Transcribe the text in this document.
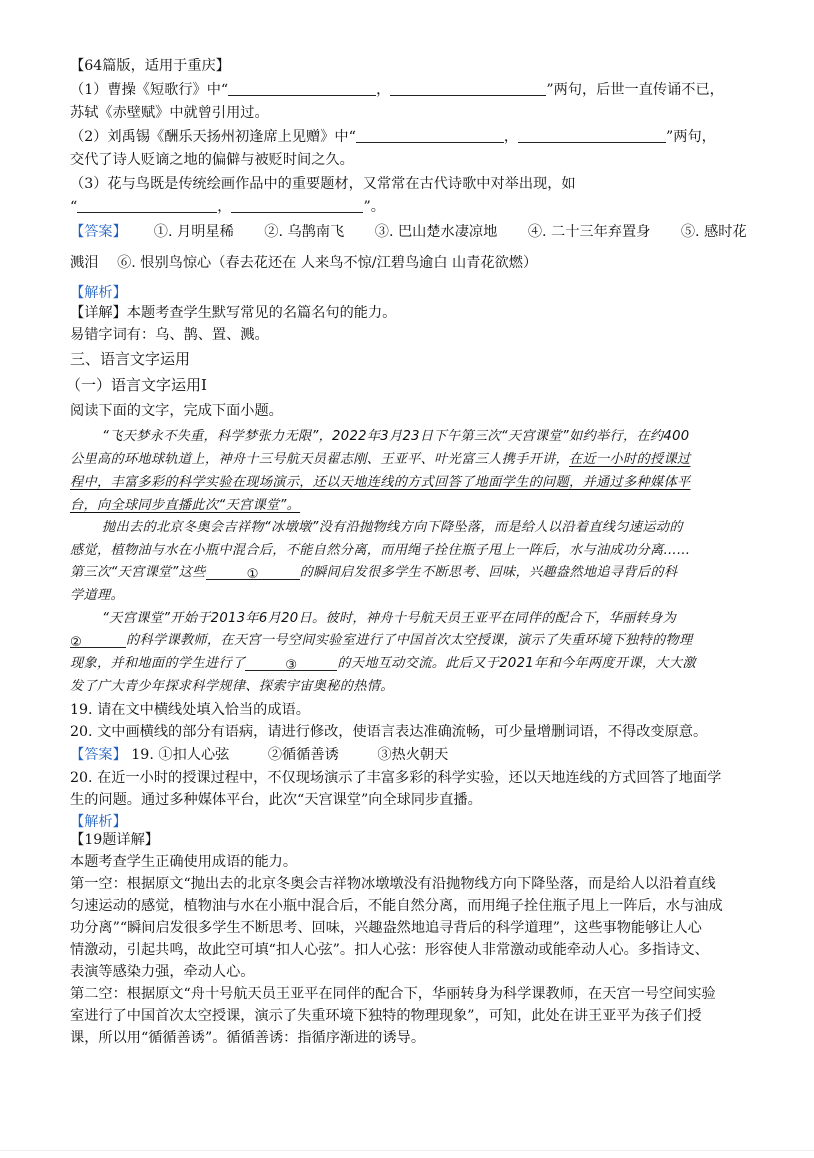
【64篇版，适用于重庆】
（1）曹操《短歌行》中“	，	”两句，后世一直传诵不已，
苏轼《赤壁赋》中就曾引用过。
（2）刘禹锡《酬乐天扬州初逢席上见赠》中“	，	”两句，
交代了诗人贬谪之地的偏僻与被贬时间之久。
（3）花与鸟既是传统绘画作品中的重要题材，又常常在古代诗歌中对举出现，如
“	，	”。
【答案】 ①. 月明星稀 ②. 乌鹊南飞 ③. 巴山楚水凄凉地 ④. 二十三年弃置身 ⑤. 感时花
溅泪　 ⑥. 恨别鸟惊心（春去花还在 人来鸟不惊/江碧鸟逾白 山青花欲燃）
【解析】
【详解】本题考查学生默写常见的名篇名句的能力。
易错字词有：乌、鹊、置、溅。
三、语言文字运用
（一）语言文字运用Ⅰ
阅读下面的文字，完成下面小题。
“飞天梦永不失重，科学梦张力无限”，2022年3月23日下午第三次“天宫课堂”如约举行，在约400
公里高的环地球轨道上，神舟十三号航天员翟志刚、王亚平、叶光富三人携手开讲，在近一小时的授课过
程中，丰富多彩的科学实验在现场演示，还以天地连线的方式回答了地面学生的问题，并通过多种媒体平
台，向全球同步直播此次“天宫课堂”。
抛出去的北京冬奥会吉祥物“冰墩墩”没有沿抛物线方向下降坠落，而是给人以沿着直线匀速运动的
感觉，植物油与水在小瓶中混合后，不能自然分离，而用绳子拴住瓶子甩上一阵后，水与油成功分离……
第三次“天宫课堂”这些	①	的瞬间启发很多学生不断思考、回味，兴趣盎然地追寻背后的科
学道理。
“天宫课堂”开始于2013年6月20日。彼时，神舟十号航天员王亚平在同伴的配合下，华丽转身为
②	的科学课教师，在天宫一号空间实验室进行了中国首次太空授课，演示了失重环境下独特的物理
现象，并和地面的学生进行了	③	的天地互动交流。此后又于2021年和今年两度开课，大大激
发了广大青少年探求科学规律、探索宇宙奥秘的热情。
19. 请在文中横线处填入恰当的成语。
20. 文中画横线的部分有语病，请进行修改，使语言表达准确流畅，可少量增删词语，不得改变原意。
【答案】 19. ①扣人心弦	②循循善诱	③热火朝天
20. 在近一小时的授课过程中，不仅现场演示了丰富多彩的科学实验，还以天地连线的方式回答了地面学
生的问题。通过多种媒体平台，此次“天宫课堂”向全球同步直播。
【解析】
【19题详解】
本题考查学生正确使用成语的能力。
第一空：根据原文“抛出去的北京冬奥会吉祥物冰墩墩没有沿抛物线方向下降坠落，而是给人以沿着直线
匀速运动的感觉，植物油与水在小瓶中混合后，不能自然分离，而用绳子拴住瓶子甩上一阵后，水与油成
功分离”“瞬间启发很多学生不断思考、回味，兴趣盎然地追寻背后的科学道理”，这些事物能够让人心
情激动，引起共鸣，故此空可填“扣人心弦”。扣人心弦：形容使人非常激动或能牵动人心。多指诗文、
表演等感染力强，牵动人心。
第二空：根据原文“舟十号航天员王亚平在同伴的配合下，华丽转身为科学课教师，在天宫一号空间实验
室进行了中国首次太空授课，演示了失重环境下独特的物理现象”，可知，此处在讲王亚平为孩子们授
课，所以用“循循善诱”。循循善诱：指循序渐进的诱导。
